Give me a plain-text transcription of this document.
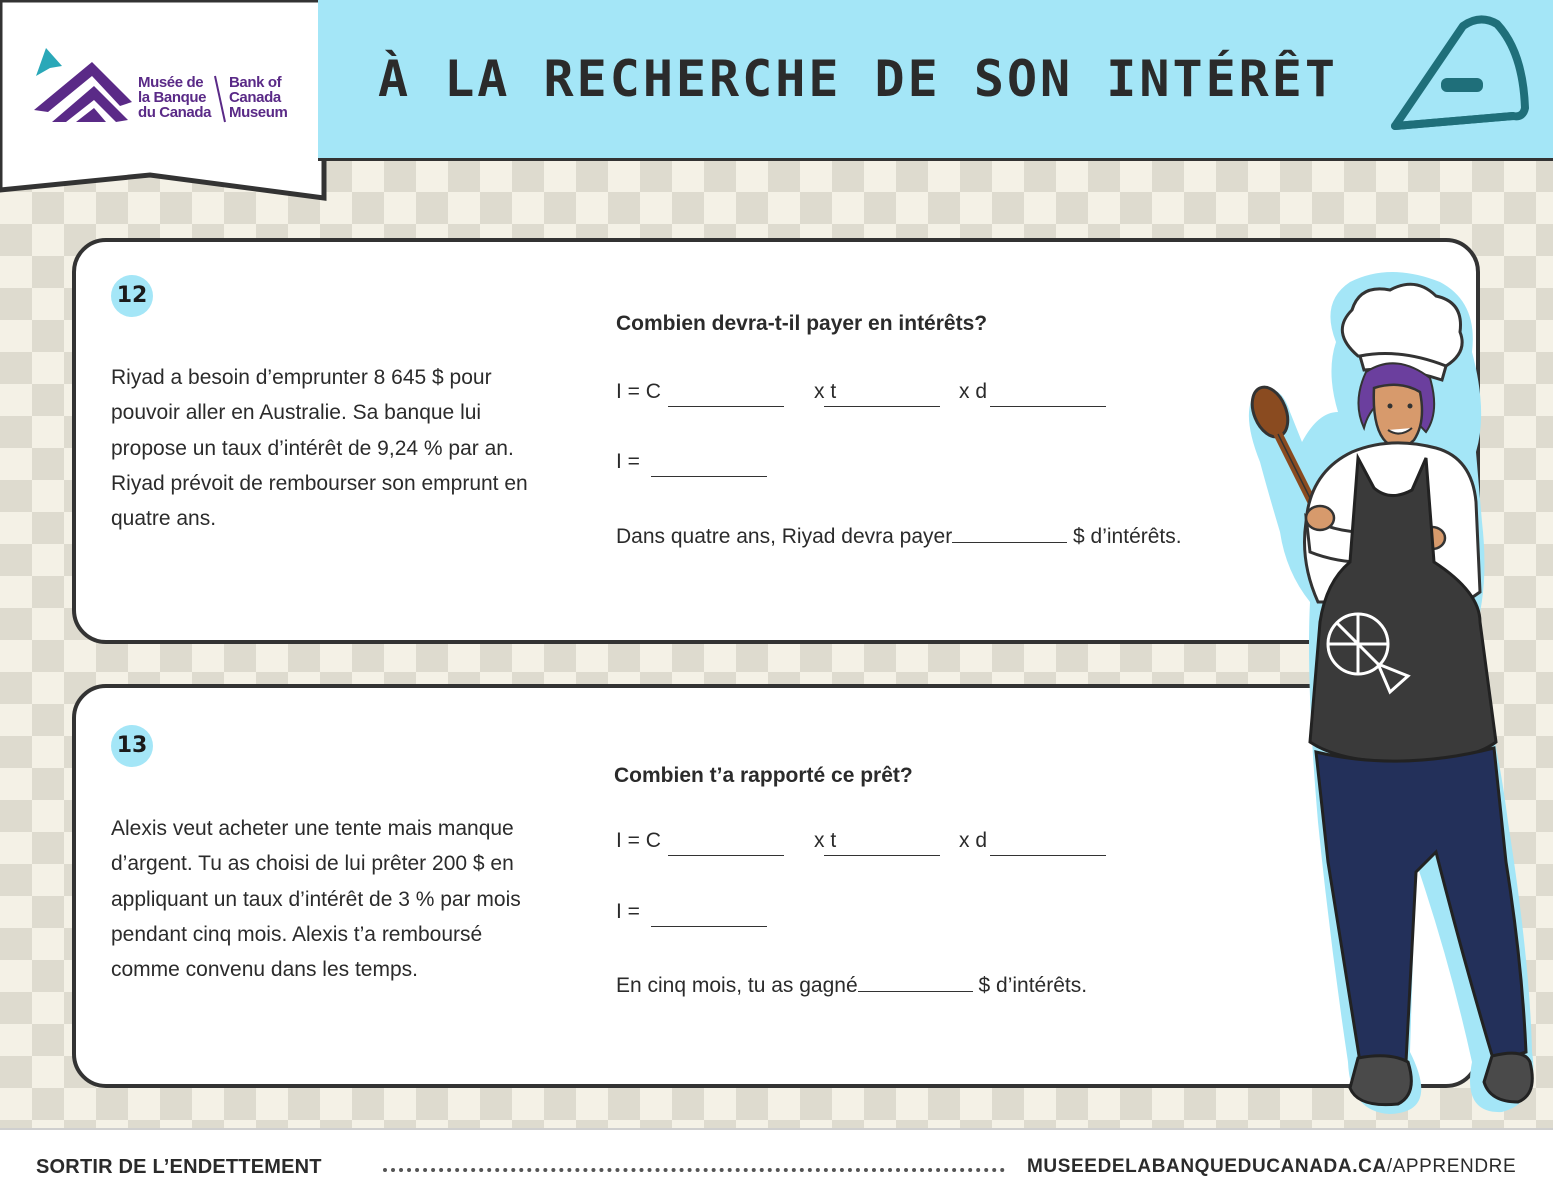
Musée de
la Banque
du Canada
Bank of
Canada
Museum
À LA RECHERCHE DE SON INTÉRÊT
12

Riyad a besoin d’emprunter 8 645 $ pour pouvoir aller en Australie. Sa banque lui propose un taux d’intérêt de 9,24 % par an. Riyad prévoit de rembourser son emprunt en quatre ans.

Combien devra-t-il payer en intérêts?

I = C	x t	x d
I =
Dans quatre ans, Riyad devra payer	$ d’intérêts.
13

Alexis veut acheter une tente mais manque d’argent. Tu as choisi de lui prêter 200 $ en appliquant un taux d’intérêt de 3 % par mois pendant cinq mois. Alexis t’a remboursé comme convenu dans les temps.

Combien t’a rapporté ce prêt?

I = C	x t	x d
I =
En cinq mois, tu as gagné	$ d’intérêts.
SORTIR DE L’ENDETTEMENT	MUSEEDELABANQUEDUCANADA.CA/APPRENDRE
